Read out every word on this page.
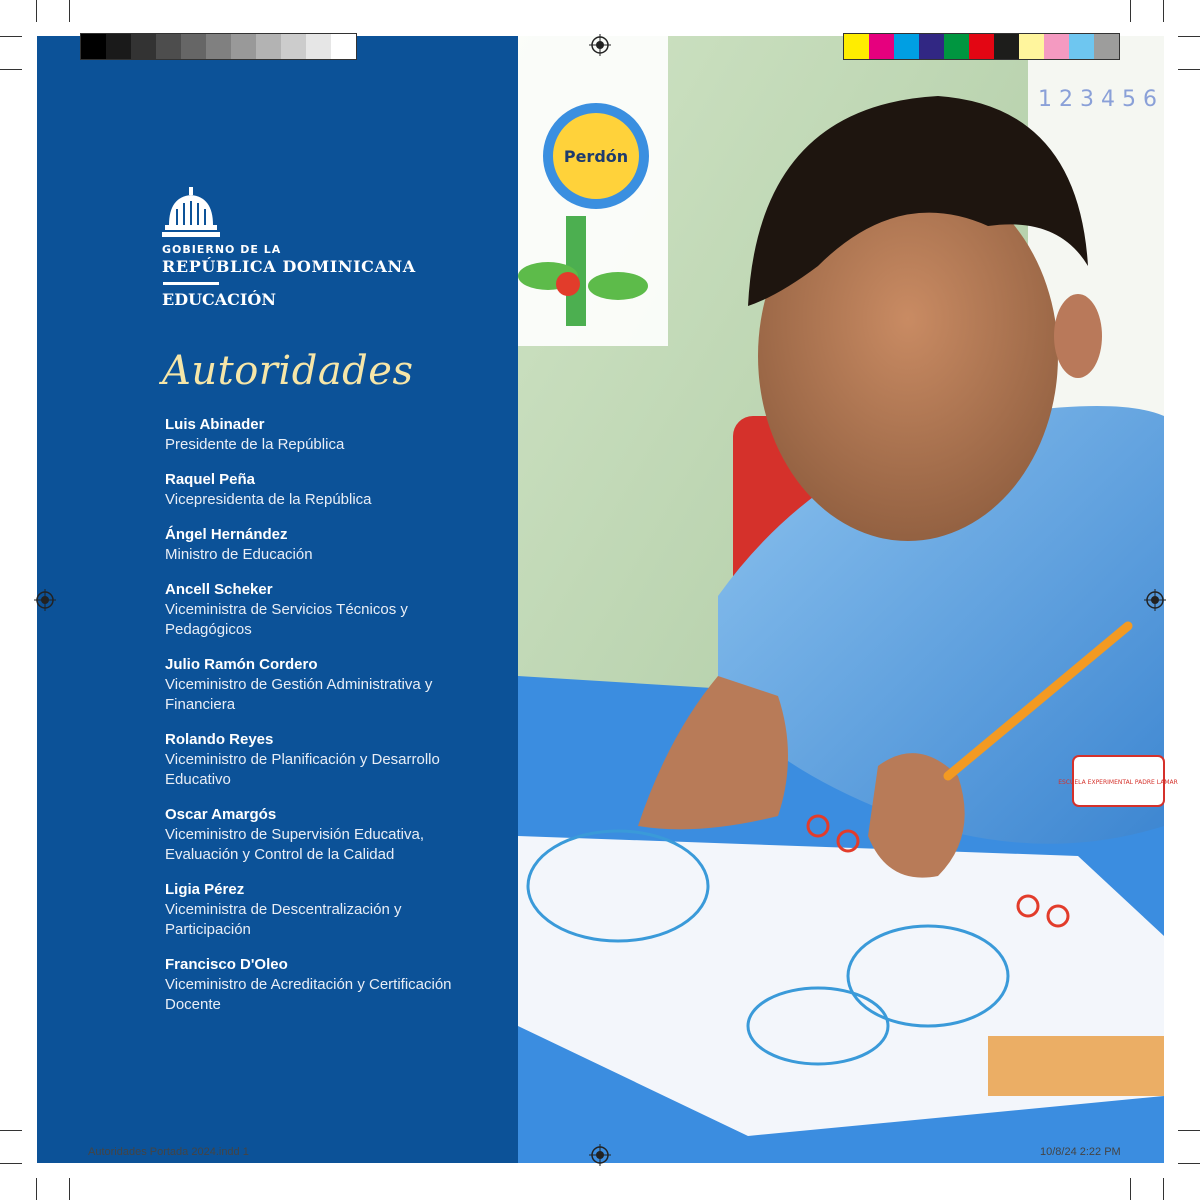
Perdón
1 2 3 4 5 6
ESCUELA EXPERIMENTAL PADRE LAMAR
GOBIERNO DE LA
REPÚBLICA DOMINICANA
EDUCACIÓN
Autoridades
Luis Abinader
Presidente de la República
Raquel Peña
Vicepresidenta de la República
Ángel Hernández
Ministro de Educación
Ancell Scheker
Viceministra de Servicios Técnicos y Pedagógicos
Julio Ramón Cordero
Viceministro de Gestión Administrativa y Financiera
Rolando Reyes
Viceministro de Planificación y Desarrollo Educativo
Oscar Amargós
Viceministro de Supervisión Educativa, Evaluación y Control de la Calidad
Ligia Pérez
Viceministra de Descentralización y Participación
Francisco D'Oleo
Viceministro de Acreditación y Certificación Docente
Autoridades Portada 2024.indd 1	10/8/24 2:22 PM
